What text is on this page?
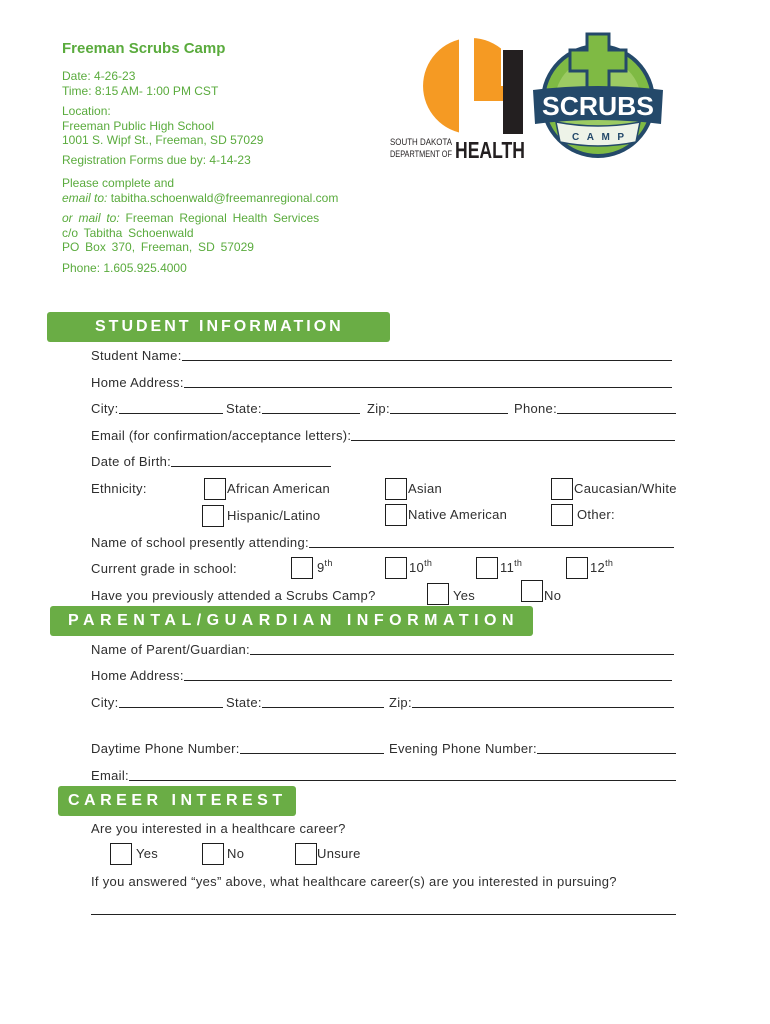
Freeman Scrubs Camp
Date: 4-26-23
Time: 8:15 AM- 1:00 PM CST
Location:
Freeman Public High School
1001 S. Wipf St., Freeman, SD 57029
Registration Forms due by: 4-14-23
Please complete and
email to: tabitha.schoenwald@freemanregional.com
or mail to: Freeman Regional Health Services
c/o Tabitha Schoenwald
PO Box 370, Freeman, SD 57029
Phone: 1.605.925.4000
SOUTH DAKOTA
DEPARTMENT OF HEALTH
SCRUBS
CAMP
STUDENT INFORMATION
Student Name:
Home Address:
City:	State:	Zip:	Phone:
Email (for confirmation/acceptance letters):
Date of Birth:
Ethnicity:	African American	Asian	Caucasian/White
Hispanic/Latino	Native American	Other:
Name of school presently attending:
Current grade in school:	9th	10th	11th	12th
Have you previously attended a Scrubs Camp?	Yes	No
PARENTAL/GUARDIAN INFORMATION
Name of Parent/Guardian:
Home Address:
City:	State:	Zip:
Daytime Phone Number:	Evening Phone Number:
Email:
CAREER INTEREST
Are you interested in a healthcare career?
Yes	No	Unsure
If you answered “yes” above, what healthcare career(s) are you interested in pursuing?
